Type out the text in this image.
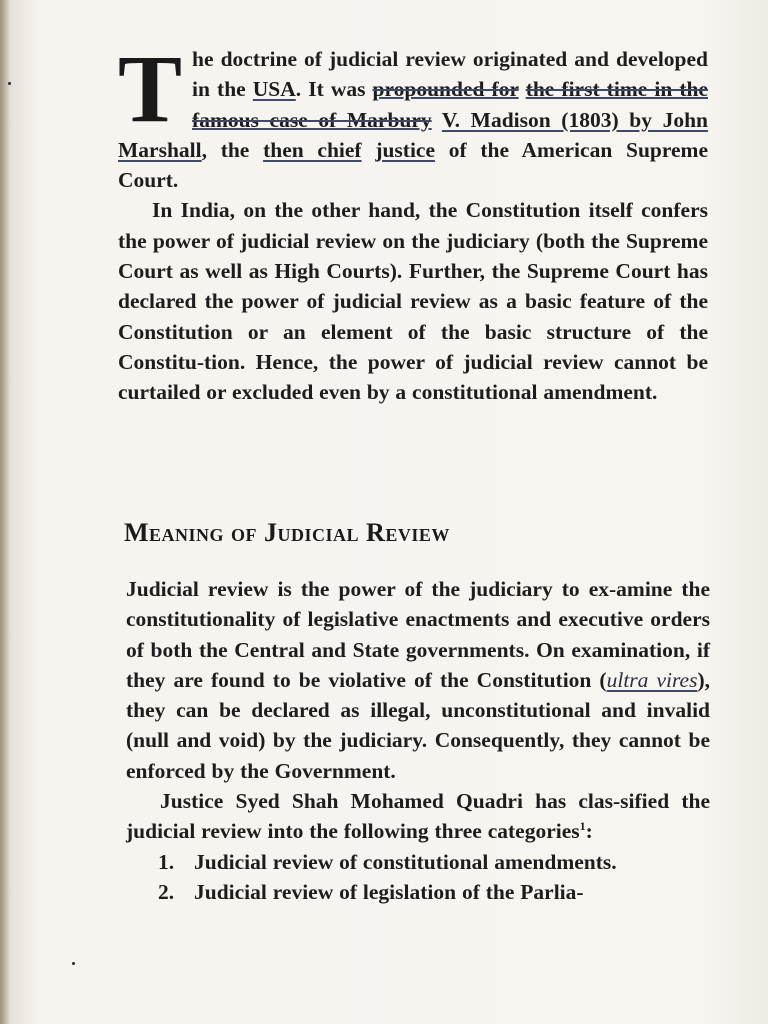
T he doctrine of judicial review originated and developed in the USA. It was propounded for the first time in the famous case of Marbury V. Madison (1803) by John Marshall, the then chief justice of the American Supreme Court.

In India, on the other hand, the Constitution itself confers the power of judicial review on the judiciary (both the Supreme Court as well as High Courts). Further, the Supreme Court has declared the power of judicial review as a basic feature of the Constitution or an element of the basic structure of the Constitu-tion. Hence, the power of judicial review cannot be curtailed or excluded even by a constitutional amendment.

Meaning of Judicial Review

Judicial review is the power of the judiciary to ex-amine the constitutionality of legislative enactments and executive orders of both the Central and State governments. On examination, if they are found to be violative of the Constitution (ultra vires), they can be declared as illegal, unconstitutional and invalid (null and void) by the judiciary. Consequently, they cannot be enforced by the Government.

Justice Syed Shah Mohamed Quadri has clas-sified the judicial review into the following three categories$^1$:

1. Judicial review of constitutional amendments.
2. Judicial review of legislation of the Parlia-
